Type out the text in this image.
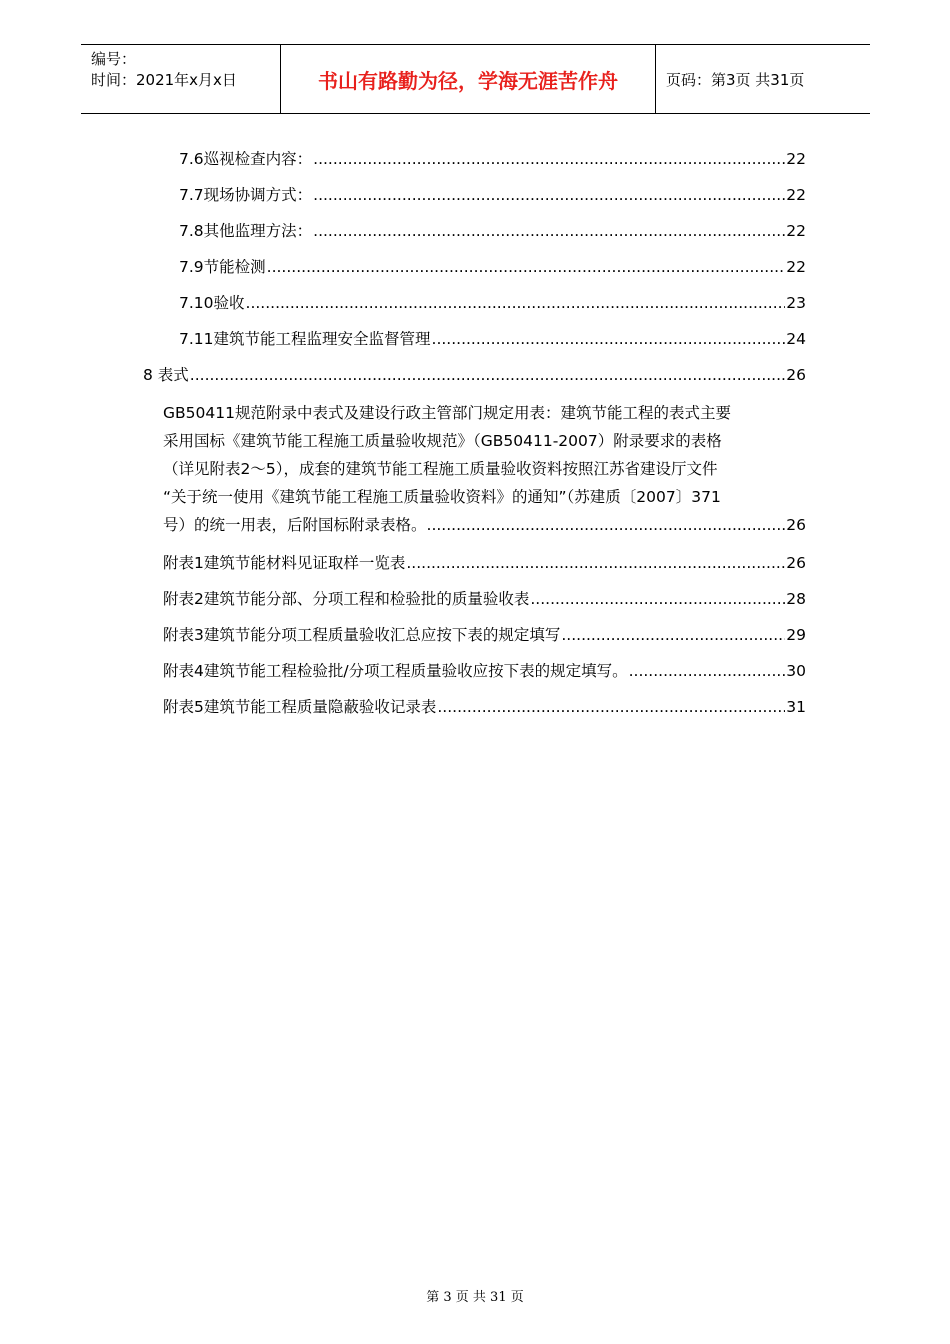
编号：
时间：2021年x月x日	书山有路勤为径，学海无涯苦作舟	页码：第3页 共31页
7.6巡视检查内容： .....	22
7.7现场协调方式： .....	22
7.8其他监理方法： .....	22
7.9节能检测 .....	22
7.10验收 .....	23
7.11建筑节能工程监理安全监督管理 .....	24
8 表式 .....	26
GB50411规范附录中表式及建设行政主管部门规定用表：建筑节能工程的表式主要
采用国标《建筑节能工程施工质量验收规范》（GB50411-2007）附录要求的表格
（详见附表2～5），成套的建筑节能工程施工质量验收资料按照江苏省建设厅文件
“关于统一使用《建筑节能工程施工质量验收资料》的通知”（苏建质〔2007〕371
号）的统一用表，后附国标附录表格。 .....	26
附表1建筑节能材料见证取样一览表 .....	26
附表2建筑节能分部、分项工程和检验批的质量验收表 .....	28
附表3建筑节能分项工程质量验收汇总应按下表的规定填写 .....	29
附表4建筑节能工程检验批/分项工程质量验收应按下表的规定填写。 .....	30
附表5建筑节能工程质量隐蔽验收记录表 .....	31
第 3 页 共 31 页
